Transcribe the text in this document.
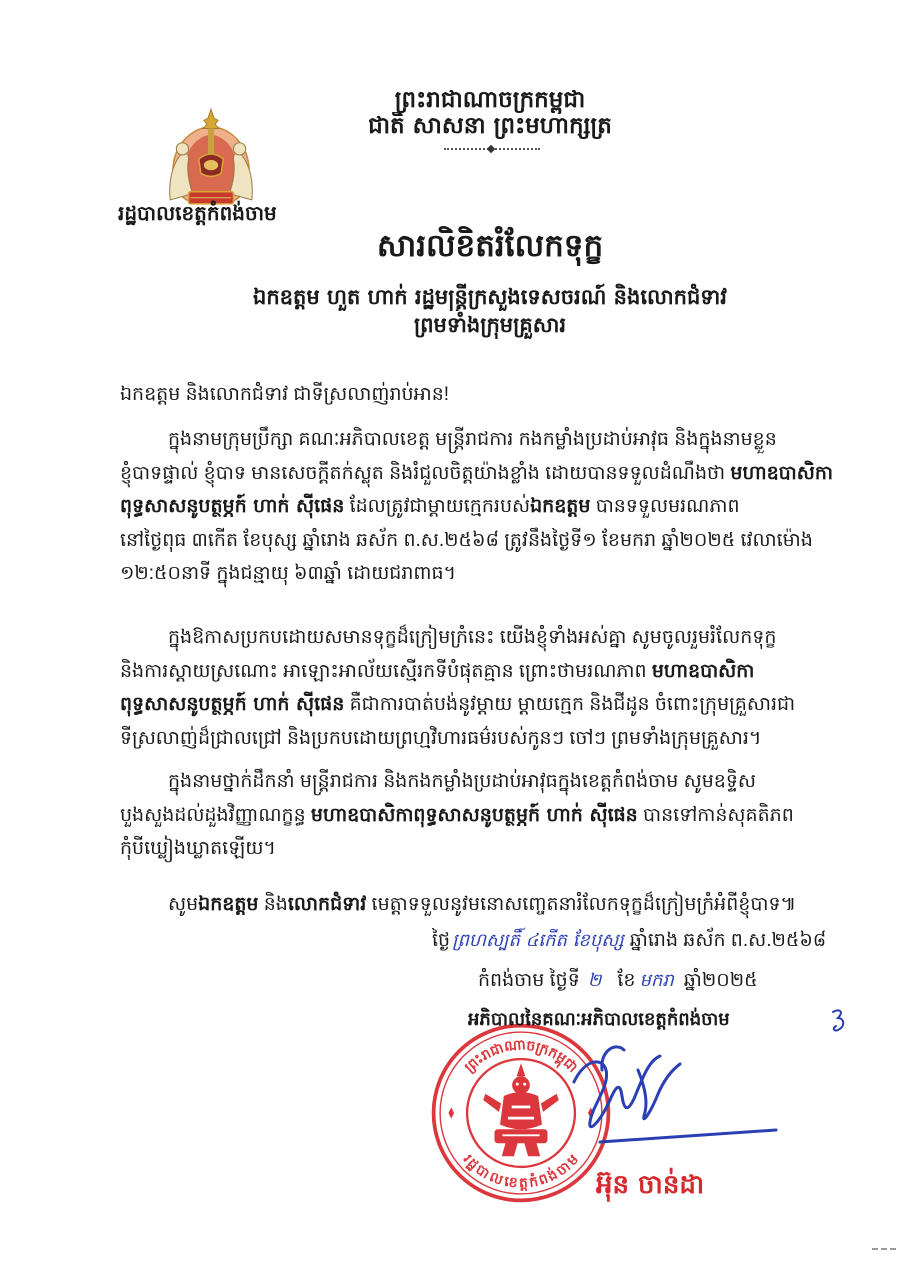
ព្រះរាជាណាចក្រកម្ពុជា
ជាតិ សាសនា ព្រះមហាក្សត្រ
រដ្ឋបាលខេត្តកំពង់ចាម
សារលិខិតរំលែកទុក្ខ
ឯកឧត្តម ហួត ហាក់ រដ្ឋមន្ត្រីក្រសួងទេសចរណ៍ និងលោកជំទាវ
ព្រមទាំងក្រុមគ្រួសារ
ឯកឧត្តម និងលោកជំទាវ ជាទីស្រលាញ់រាប់អាន!
ក្នុងនាមក្រុមប្រឹក្សា គណៈអភិបាលខេត្ត មន្ត្រីរាជការ កងកម្លាំងប្រដាប់អាវុធ និងក្នុងនាមខ្លួន
ខ្ញុំបាទផ្ទាល់ ខ្ញុំបាទ មានសេចក្តីតក់ស្លុត និងរំជួលចិត្តយ៉ាងខ្លាំង ដោយបានទទួលដំណឹងថា មហាឧបាសិកា
ពុទ្ធសាសនូបត្ថម្ភក៍ ហាក់ ស៊ីផេន ដែលត្រូវជាម្តាយក្មេករបស់ឯកឧត្តម បានទទួលមរណភាព
នៅថ្ងៃពុធ ៣កើត ខែបុស្ស ឆ្នាំរោង ឆស័ក ព.ស.២៥៦៨ ត្រូវនឹងថ្ងៃទី១ ខែមករា ឆ្នាំ២០២៥ វេលាម៉ោង
១២:៥០នាទី ក្នុងជន្មាយុ ៦៣ឆ្នាំ ដោយជរាពាធ។
ក្នុងឱកាសប្រកបដោយសមានទុក្ខដ៏ក្រៀមក្រំនេះ យើងខ្ញុំទាំងអស់គ្នា សូមចូលរួមរំលែកទុក្ខ
និងការស្តាយស្រណោះ អាឡោះអាល័យស្មើរកទីបំផុតគ្មាន ព្រោះថាមរណភាព មហាឧបាសិកា
ពុទ្ធសាសនូបត្ថម្ភក៍ ហាក់ ស៊ីផេន គឺជាការបាត់បង់នូវម្តាយ ម្តាយក្មេក និងជីដូន ចំពោះក្រុមគ្រួសារជា
ទីស្រលាញ់ដ៏ជ្រាលជ្រៅ និងប្រកបដោយព្រហ្មវិហារធម៌របស់កូនៗ ចៅៗ ព្រមទាំងក្រុមគ្រួសារ។
ក្នុងនាមថ្នាក់ដឹកនាំ មន្ត្រីរាជការ និងកងកម្លាំងប្រដាប់អាវុធក្នុងខេត្តកំពង់ចាម សូមឧទ្ទិស
បួងសួងដល់ដួងវិញ្ញាណក្ខន្ធ មហាឧបាសិកាពុទ្ធសាសនូបត្ថម្ភក៍ ហាក់ ស៊ីផេន បានទៅកាន់សុគតិភព
កុំបីឃ្លៀងឃ្លាតឡើយ។
សូមឯកឧត្តម និងលោកជំទាវ មេត្តាទទួលនូវមនោសញ្ចេតនារំលែកទុក្ខដ៏ក្រៀមក្រំអំពីខ្ញុំបាទ៕
ថ្ងៃ ព្រហស្បតិ៍ ៤កើត ខែបុស្ស ឆ្នាំរោង ឆស័ក ព.ស.២៥៦៨
កំពង់ចាម ថ្ងៃទី ២ ខែ មករា ឆ្នាំ២០២៥
អភិបាលនៃគណៈអភិបាលខេត្តកំពង់ចាម
ព្រះរាជាណាចក្រកម្ពុជា
រដ្ឋបាលខេត្តកំពង់ចាម
អ៊ុន ចាន់ដា
